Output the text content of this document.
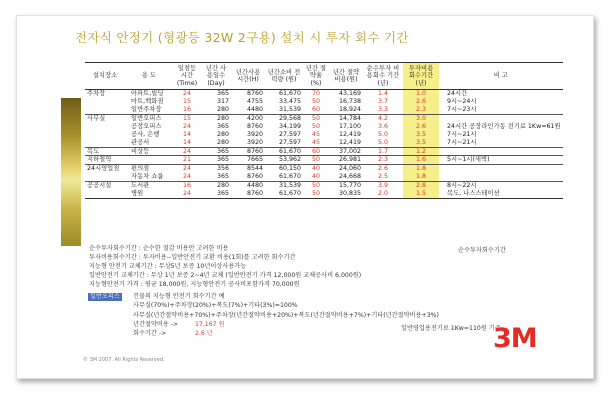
전자식 안정기 (형광등 32W 2구용) 설치 시 투자 회수 기간
설치장소	용 도	일점등 시간 (Time)	년간 사용일수 (Day)	년간사용 시간(H)	년간소비 전력량 (원)	년간 절약율 (%)	년간 절약 비용(원)	순수투자 비용회수 기간(년)	투자비용 회수기간 (년)	비 고
주차장	아파트,빌딩	24	365	8760	61,670	70	43,169	1.4	1.0	24시간
	마트,백화점	15	317	4755	33,475	50	16,738	3.7	2.6	9시~24시
	일반주차장	16	280	4480	31,539	60	18,924	3.3	2.3	7시~23시
사무실	일반오피스	15	280	4200	29,568	50	14,784	4.2	3.0	
	공장오피스	24	365	8760	34,199	50	17,100	3.6	2.6	24시간 공장라인가동 전기료 1Kw=61원
	공사, 은행	14	280	3920	27,597	45	12,419	5.0	3.5	7시~21시
	관공서	14	280	3920	27,597	45	12,419	5.0	3.5	7시~21시
복도	비상등	24	365	8760	61,670	60	37,002	1.7	1.2	
지하철역		21	365	7665	53,962	50	26,981	2.3	1.6	5시~1시(새벽)
24시영업점	편의점	24	356	8544	60,150	40	24,060	2.6	1.8	
	자동차 쇼룸	24	365	8760	61,670	40	24,668	2.5	1.8	
공공시설	도서관	16	280	4480	31,539	50	15,770	3.9	2.8	8시~22시
	병원	24	365	8760	61,670	50	30,835	2.0	1.5	복도, 나스스테이션
순수투자회수기간 : 순수한 절감 비용만 고려한 비용
투자비용회수기간 : 투자비용--일반안전기 교환 비용(1회)를 고려한 회수기간
지능형 안전기 교체기간 : 무상5년 보증 10년이상사용가능
일반안전기 교체기간 : 무상 1년 보증 2~4년 교체 (일반안전기 가격 12,000원 교체공사비 6,000원)
지능형안전기 가격 : 평균 18,000원, 지능형안전기 공사비포함가격 70,000원
순수투자회수기간
일반오피스	건물의 지능형 안전기 회수기간 예
사무실(70%)+주차장(20%)+복도(7%)+기타(3%)=100%
사무실(년간절약비용+70%)+주차장(년간절약비용+20%)+복도(년간절약비용+7%)+기타(년간절약비용+3%)
년간절약비용 ->	17,167 원
회수기간 ->	2.6 년
일반영업용전기료 1Kw=110원 기준
3M
© 3M 2007. All Rights Reserved.
